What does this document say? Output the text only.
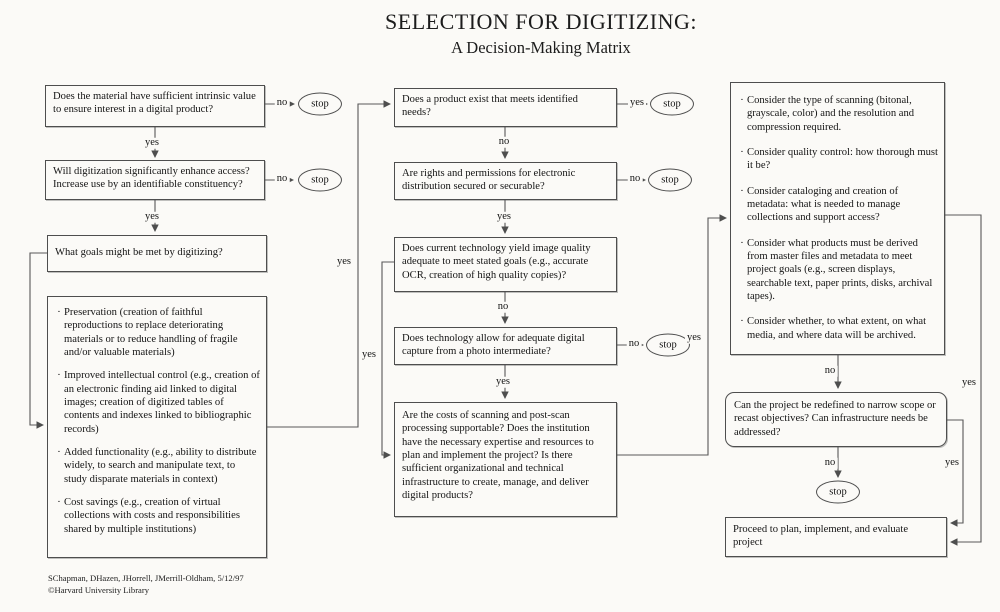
SELECTION FOR DIGITIZING:
A Decision-Making Matrix
Does the material have sufficient intrinsic value to ensure interest in a digital product?
Will digitization significantly enhance access? Increase use by an identifiable constituency?
What goals might be met by digitizing?
· Preservation (creation of faithful reproductions to replace deteriorating materials or to reduce handling of fragile and/or valuable materials)
· Improved intellectual control (e.g., creation of an electronic finding aid linked to digital images; creation of digitized tables of contents and indexes linked to bibliographic records)
· Added functionality (e.g., ability to distribute widely, to search and manipulate text, to study disparate materials in context)
· Cost savings (e.g., creation of virtual collections with costs and responsibilities shared by multiple institutions)
Does a product exist that meets identified needs?
Are rights and permissions for electronic distribution secured or securable?
Does current technology yield image quality adequate to meet stated goals (e.g., accurate OCR, creation of high quality copies)?
Does technology allow for adequate digital capture from a photo intermediate?
Are the costs of scanning and post-scan processing supportable? Does the institution have the necessary expertise and resources to plan and implement the project? Is there sufficient organizational and technical infrastructure to create, manage, and deliver digital products?
· Consider the type of scanning (bitonal, grayscale, color) and the resolution and compression required.
· Consider quality control: how thorough must it be?
· Consider cataloging and creation of metadata: what is needed to manage collections and support access?
· Consider what products must be derived from master files and metadata to meet project goals (e.g., screen displays, searchable text, paper prints, disks, archival tapes).
· Consider whether, to what extent, on what media, and where data will be archived.
Can the project be redefined to narrow scope or recast objectives? Can infrastructure needs be addressed?
Proceed to plan, implement, and evaluate project
stop
stop
stop
stop
stop
stop
no
yes
no
yes
yes
yes
no
no
yes
yes
no
no
yes
yes
no
no	yes
yes
SChapman, DHazen, JHorrell, JMerrill-Oldham, 5/12/97
©Harvard University Library
